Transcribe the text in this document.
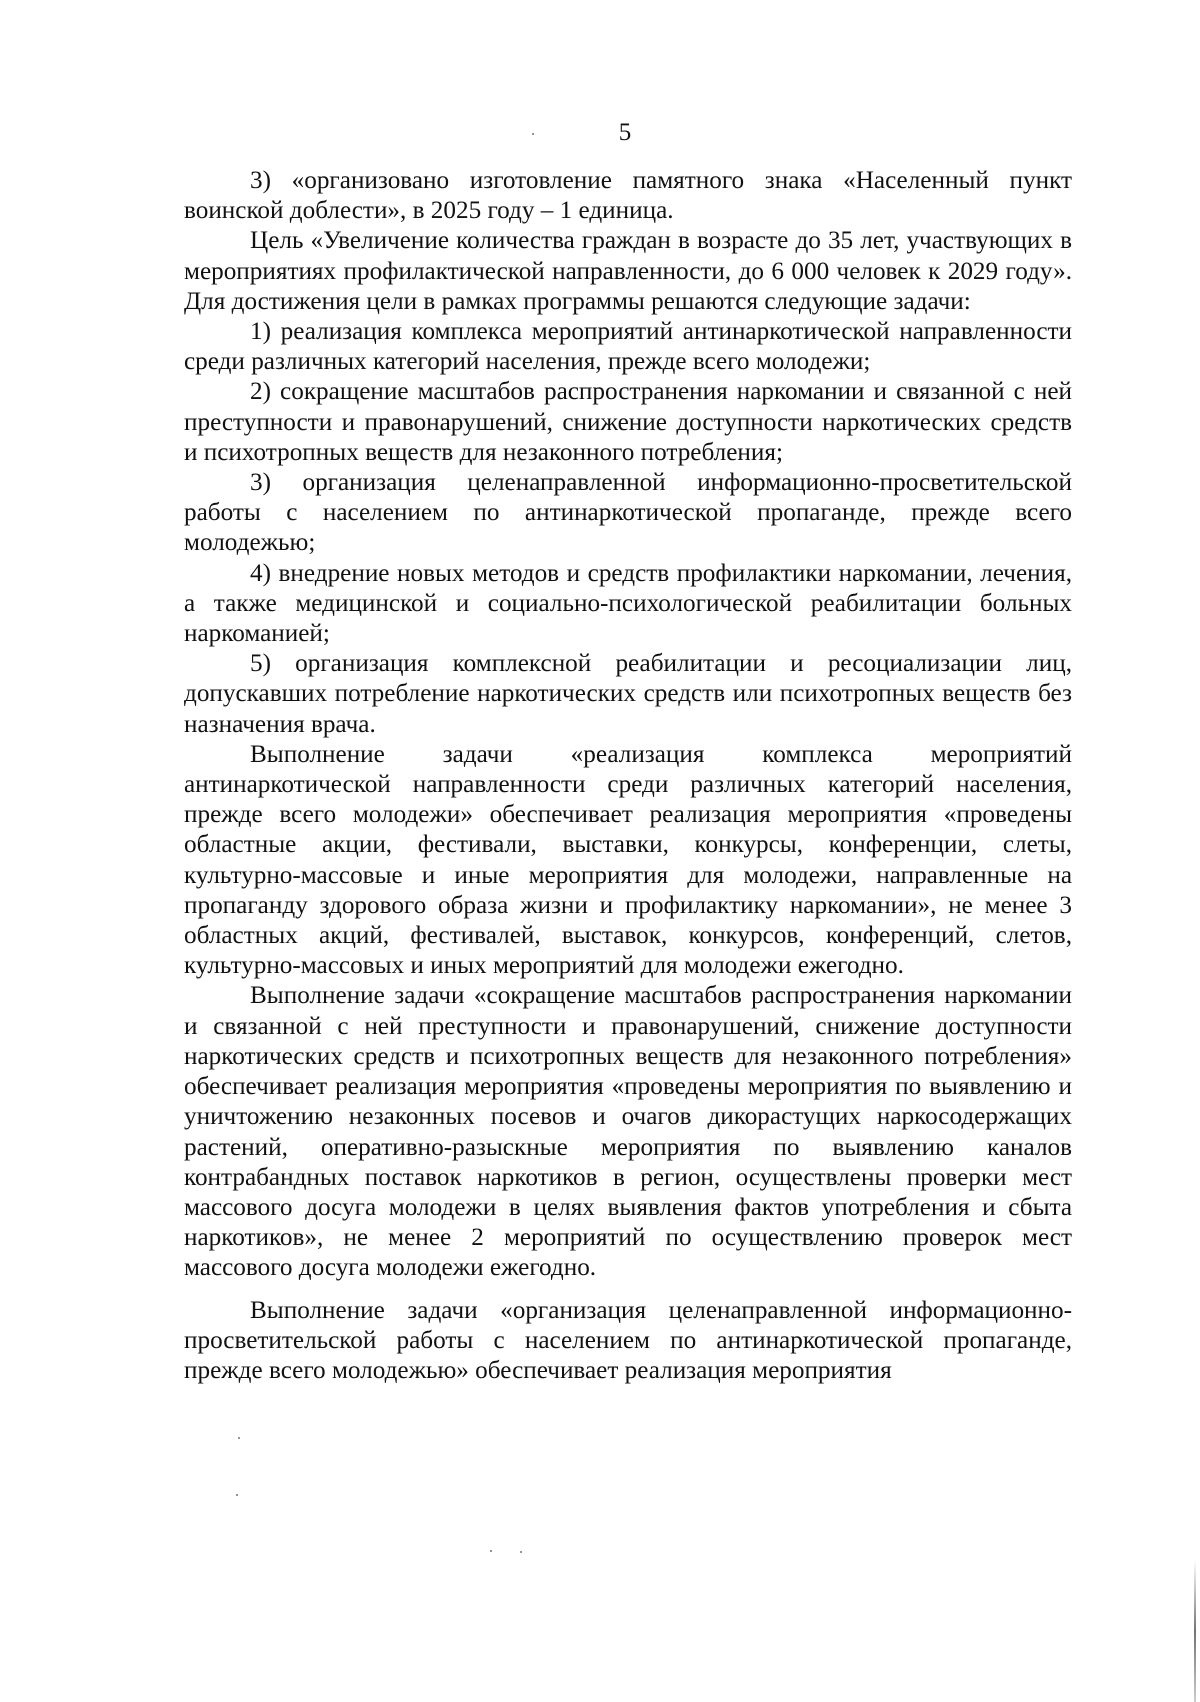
5

3) «организовано изготовление памятного знака «Населенный пункт воинской доблести», в 2025 году – 1 единица.

Цель «Увеличение количества граждан в возрасте до 35 лет, участвующих в мероприятиях профилактической направленности, до 6 000 человек к 2029 году». Для достижения цели в рамках программы решаются следующие задачи:

1) реализация комплекса мероприятий антинаркотической направленности среди различных категорий населения, прежде всего молодежи;

2) сокращение масштабов распространения наркомании и связанной с ней преступности и правонарушений, снижение доступности наркотических средств и психотропных веществ для незаконного потребления;

3) организация целенаправленной информационно-просветительской работы с населением по антинаркотической пропаганде, прежде всего молодежью;

4) внедрение новых методов и средств профилактики наркомании, лечения, а также медицинской и социально-психологической реабилитации больных наркоманией;

5) организация комплексной реабилитации и ресоциализации лиц, допускавших потребление наркотических средств или психотропных веществ без назначения врача.

Выполнение задачи «реализация комплекса мероприятий антинаркотической направленности среди различных категорий населения, прежде всего молодежи» обеспечивает реализация мероприятия «проведены областные акции, фестивали, выставки, конкурсы, конференции, слеты, культурно-массовые и иные мероприятия для молодежи, направленные на пропаганду здорового образа жизни и профилактику наркомании», не менее 3 областных акций, фестивалей, выставок, конкурсов, конференций, слетов, культурно-массовых и иных мероприятий для молодежи ежегодно.

Выполнение задачи «сокращение масштабов распространения наркомании и связанной с ней преступности и правонарушений, снижение доступности наркотических средств и психотропных веществ для незаконного потребления» обеспечивает реализация мероприятия «проведены мероприятия по выявлению и уничтожению незаконных посевов и очагов дикорастущих наркосодержащих растений, оперативно-разыскные мероприятия по выявлению каналов контрабандных поставок наркотиков в регион, осуществлены проверки мест массового досуга молодежи в целях выявления фактов употребления и сбыта наркотиков», не менее 2 мероприятий по осуществлению проверок мест массового досуга молодежи ежегодно.

Выполнение задачи «организация целенаправленной информационно-просветительской работы с населением по антинаркотической пропаганде, прежде всего молодежью» обеспечивает реализация мероприятия
